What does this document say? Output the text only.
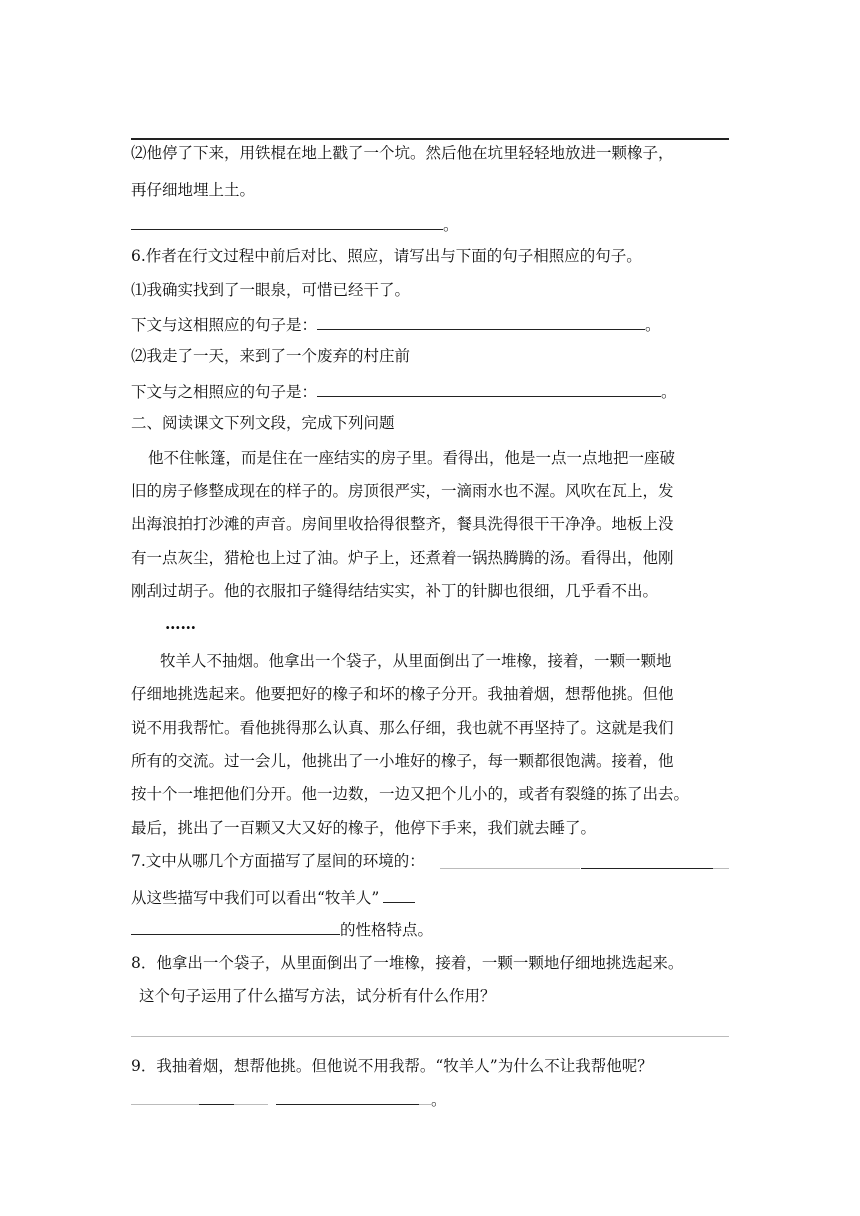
⑵他停了下来，用铁棍在地上戳了一个坑。然后他在坑里轻轻地放进一颗橡子，
再仔细地埋上土。
。
6.作者在行文过程中前后对比、照应，请写出与下面的句子相照应的句子。
⑴我确实找到了一眼泉，可惜已经干了。
下文与这相照应的句子是：	。
⑵我走了一天，来到了一个废弃的村庄前
下文与之相照应的句子是：	。
二、阅读课文下列文段，完成下列问题
他不住帐篷，而是住在一座结实的房子里。看得出，他是一点一点地把一座破
旧的房子修整成现在的样子的。房顶很严实，一滴雨水也不渥。风吹在瓦上，发
出海浪拍打沙滩的声音。房间里收拾得很整齐，餐具洗得很干干净净。地板上没
有一点灰尘，猎枪也上过了油。炉子上，还煮着一锅热腾腾的汤。看得出，他刚
刚刮过胡子。他的衣服扣子缝得结结实实，补丁的针脚也很细，几乎看不出。
……
牧羊人不抽烟。他拿出一个袋子，从里面倒出了一堆橡，接着，一颗一颗地
仔细地挑选起来。他要把好的橡子和坏的橡子分开。我抽着烟，想帮他挑。但他
说不用我帮忙。看他挑得那么认真、那么仔细，我也就不再坚持了。这就是我们
所有的交流。过一会儿，他挑出了一小堆好的橡子，每一颗都很饱满。接着，他
按十个一堆把他们分开。他一边数，一边又把个儿小的，或者有裂缝的拣了出去。
最后，挑出了一百颗又大又好的橡子，他停下手来，我们就去睡了。
7.文中从哪几个方面描写了屋间的环境的：
从这些描写中我们可以看出“牧羊人”
的性格特点。
8．他拿出一个袋子，从里面倒出了一堆橡，接着，一颗一颗地仔细地挑选起来。
这个句子运用了什么描写方法，试分析有什么作用？
9．我抽着烟，想帮他挑。但他说不用我帮。“牧羊人”为什么不让我帮他呢？
。
